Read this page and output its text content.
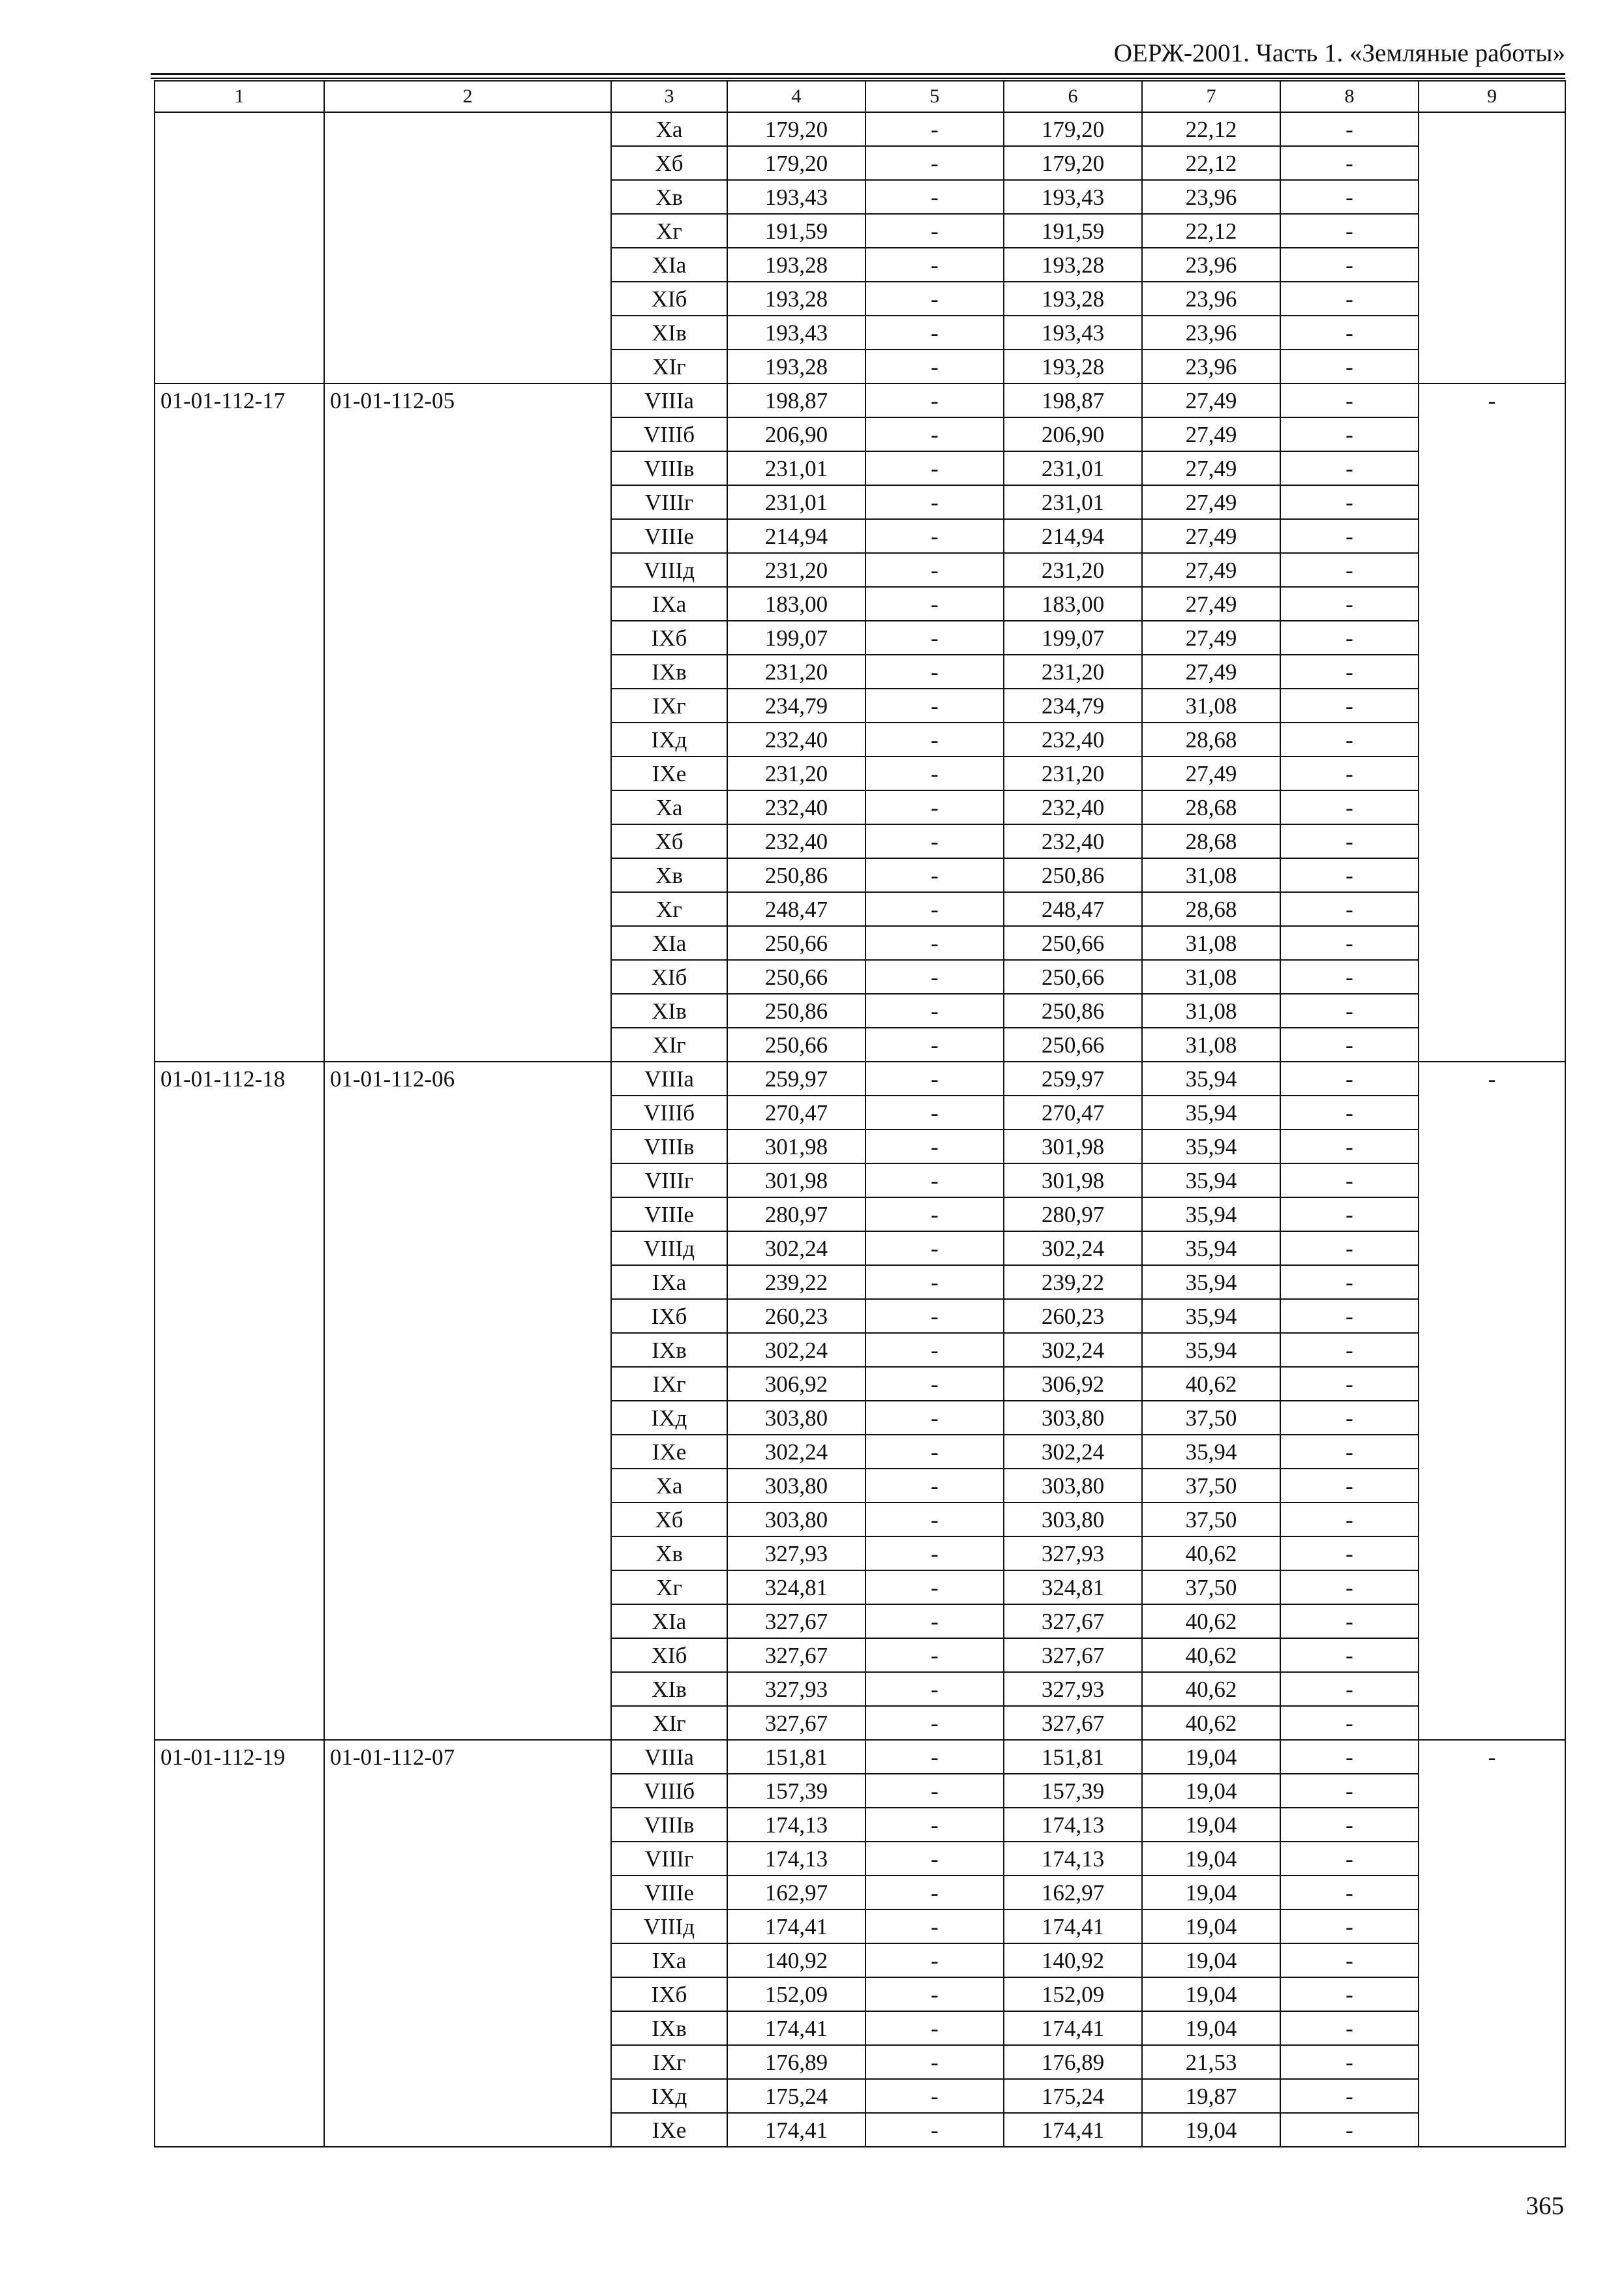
ОЕРЖ-2001. Часть 1. «Земляные работы»
1	2	3	4	5	6	7	8	9
		Xа	179,20	-	179,20	22,12	-	
		Xб	179,20	-	179,20	22,12	-	
		Xв	193,43	-	193,43	23,96	-	
		Xг	191,59	-	191,59	22,12	-	
		XIа	193,28	-	193,28	23,96	-	
		XIб	193,28	-	193,28	23,96	-	
		XIв	193,43	-	193,43	23,96	-	
		XIг	193,28	-	193,28	23,96	-	
01-01-112-17	01-01-112-05	VIIIа	198,87	-	198,87	27,49	-	-
		VIIIб	206,90	-	206,90	27,49	-	
		VIIIв	231,01	-	231,01	27,49	-	
		VIIIг	231,01	-	231,01	27,49	-	
		VIIIе	214,94	-	214,94	27,49	-	
		VIIIд	231,20	-	231,20	27,49	-	
		IXа	183,00	-	183,00	27,49	-	
		IXб	199,07	-	199,07	27,49	-	
		IXв	231,20	-	231,20	27,49	-	
		IXг	234,79	-	234,79	31,08	-	
		IXд	232,40	-	232,40	28,68	-	
		IXе	231,20	-	231,20	27,49	-	
		Xа	232,40	-	232,40	28,68	-	
		Xб	232,40	-	232,40	28,68	-	
		Xв	250,86	-	250,86	31,08	-	
		Xг	248,47	-	248,47	28,68	-	
		XIа	250,66	-	250,66	31,08	-	
		XIб	250,66	-	250,66	31,08	-	
		XIв	250,86	-	250,86	31,08	-	
		XIг	250,66	-	250,66	31,08	-	
01-01-112-18	01-01-112-06	VIIIа	259,97	-	259,97	35,94	-	-
		VIIIб	270,47	-	270,47	35,94	-	
		VIIIв	301,98	-	301,98	35,94	-	
		VIIIг	301,98	-	301,98	35,94	-	
		VIIIе	280,97	-	280,97	35,94	-	
		VIIIд	302,24	-	302,24	35,94	-	
		IXа	239,22	-	239,22	35,94	-	
		IXб	260,23	-	260,23	35,94	-	
		IXв	302,24	-	302,24	35,94	-	
		IXг	306,92	-	306,92	40,62	-	
		IXд	303,80	-	303,80	37,50	-	
		IXе	302,24	-	302,24	35,94	-	
		Xа	303,80	-	303,80	37,50	-	
		Xб	303,80	-	303,80	37,50	-	
		Xв	327,93	-	327,93	40,62	-	
		Xг	324,81	-	324,81	37,50	-	
		XIа	327,67	-	327,67	40,62	-	
		XIб	327,67	-	327,67	40,62	-	
		XIв	327,93	-	327,93	40,62	-	
		XIг	327,67	-	327,67	40,62	-	
01-01-112-19	01-01-112-07	VIIIа	151,81	-	151,81	19,04	-	-
		VIIIб	157,39	-	157,39	19,04	-	
		VIIIв	174,13	-	174,13	19,04	-	
		VIIIг	174,13	-	174,13	19,04	-	
		VIIIе	162,97	-	162,97	19,04	-	
		VIIIд	174,41	-	174,41	19,04	-	
		IXа	140,92	-	140,92	19,04	-	
		IXб	152,09	-	152,09	19,04	-	
		IXв	174,41	-	174,41	19,04	-	
		IXг	176,89	-	176,89	21,53	-	
		IXд	175,24	-	175,24	19,87	-	
		IXе	174,41	-	174,41	19,04	-	
365
